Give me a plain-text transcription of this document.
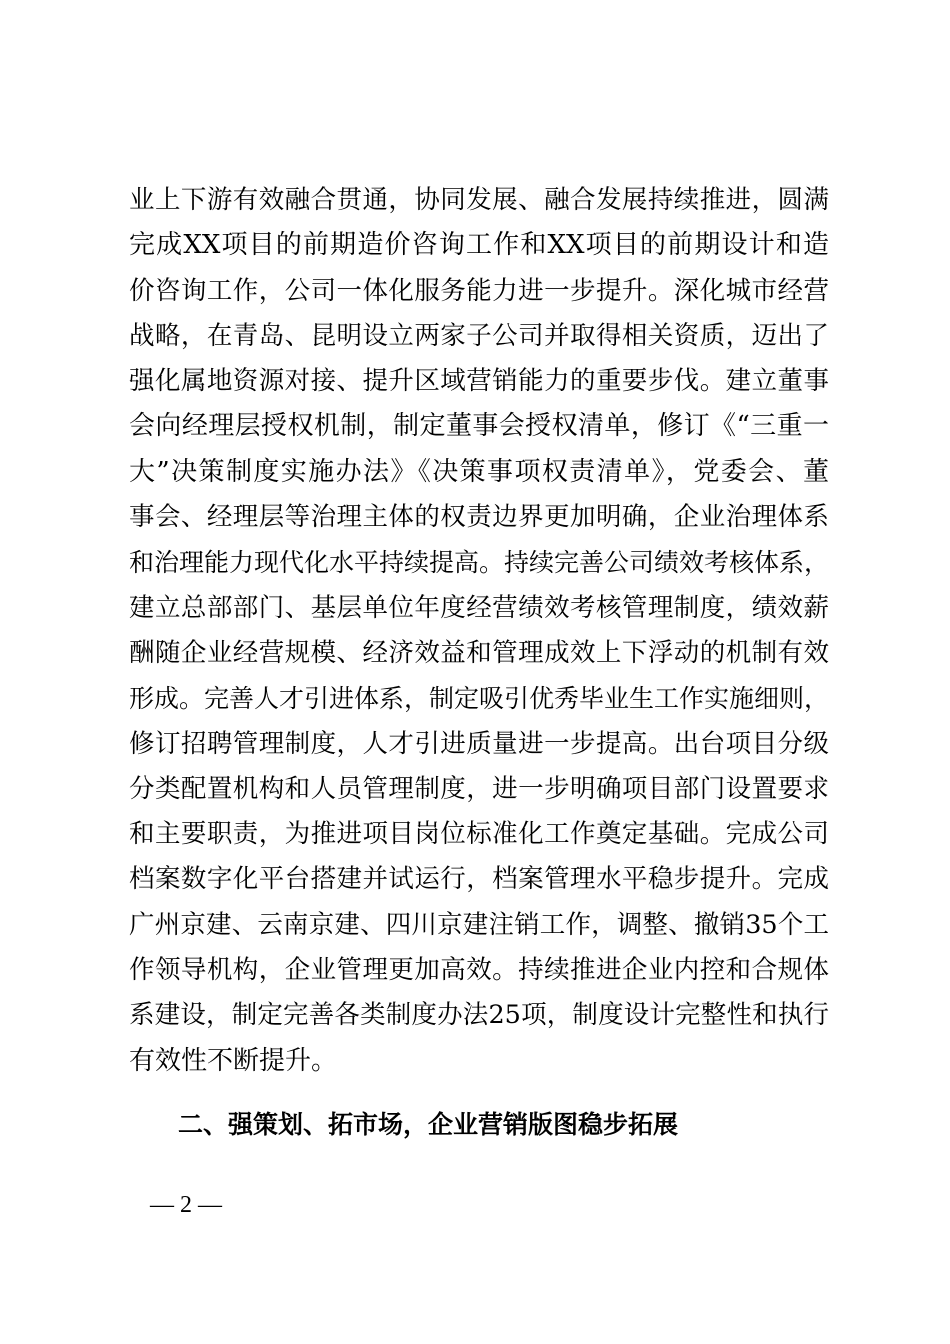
业上下游有效融合贯通，协同发展、融合发展持续推进，圆满
完成XX项目的前期造价咨询工作和XX项目的前期设计和造
价咨询工作，公司一体化服务能力进一步提升。深化城市经营
战略，在青岛、昆明设立两家子公司并取得相关资质，迈出了
强化属地资源对接、提升区域营销能力的重要步伐。建立董事
会向经理层授权机制，制定董事会授权清单，修订《“三重一
大”决策制度实施办法》《决策事项权责清单》，党委会、董
事会、经理层等治理主体的权责边界更加明确，企业治理体系
和治理能力现代化水平持续提高。持续完善公司绩效考核体系，
建立总部部门、基层单位年度经营绩效考核管理制度，绩效薪
酬随企业经营规模、经济效益和管理成效上下浮动的机制有效
形成。完善人才引进体系，制定吸引优秀毕业生工作实施细则，
修订招聘管理制度，人才引进质量进一步提高。出台项目分级
分类配置机构和人员管理制度，进一步明确项目部门设置要求
和主要职责，为推进项目岗位标准化工作奠定基础。完成公司
档案数字化平台搭建并试运行，档案管理水平稳步提升。完成
广州京建、云南京建、四川京建注销工作，调整、撤销35个工
作领导机构，企业管理更加高效。持续推进企业内控和合规体
系建设，制定完善各类制度办法25项，制度设计完整性和执行
有效性不断提升。
二、强策划、拓市场，企业营销版图稳步拓展
— 2 —
